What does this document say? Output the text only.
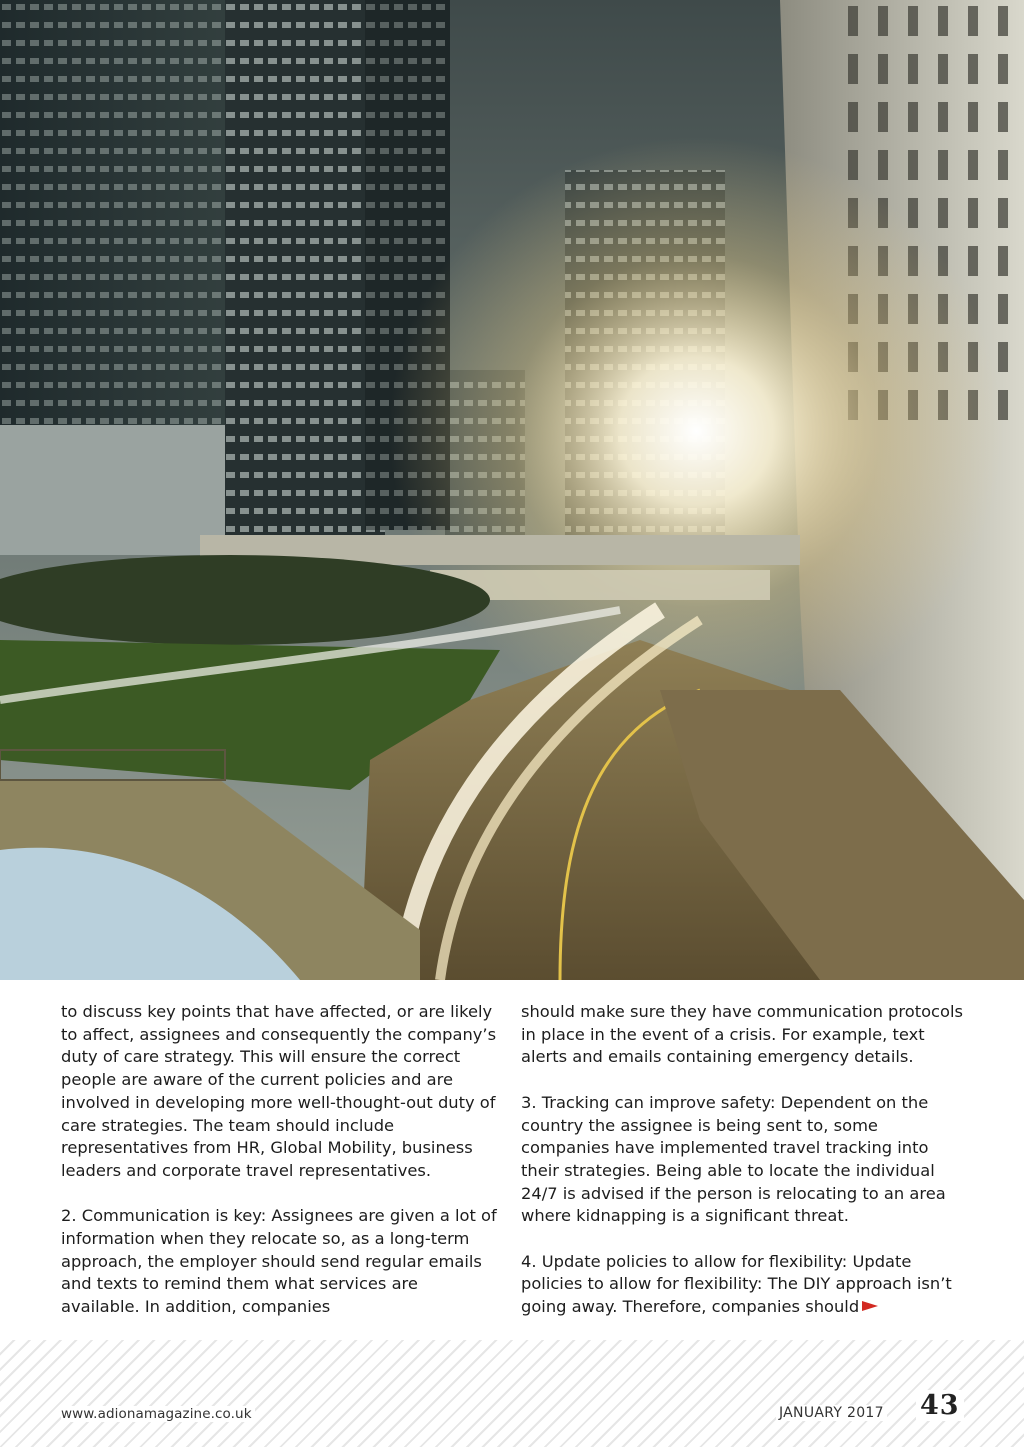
to discuss key points that have affected, or are likely to affect, assignees and consequently the company’s duty of care strategy. This will ensure the correct people are aware of the current policies and are involved in developing more well-thought-out duty of care strategies. The team should include representatives from HR, Global Mobility, business leaders and corporate travel representatives.

2. Communication is key: Assignees are given a lot of information when they relocate so, as a long-term approach, the employer should send regular emails and texts to remind them what services are available. In addition, companies

should make sure they have communication protocols in place in the event of a crisis. For example, text alerts and emails containing emergency details.

3. Tracking can improve safety: Dependent on the country the assignee is being sent to, some companies have implemented travel tracking into their strategies. Being able to locate the individual 24/7 is advised if the person is relocating to an area where kidnapping is a significant threat.

4. Update policies to allow for flexibility: Update policies to allow for flexibility: The DIY approach isn’t going away. Therefore, companies should

www.adionamagazine.co.uk	JANUARY 2017 43
